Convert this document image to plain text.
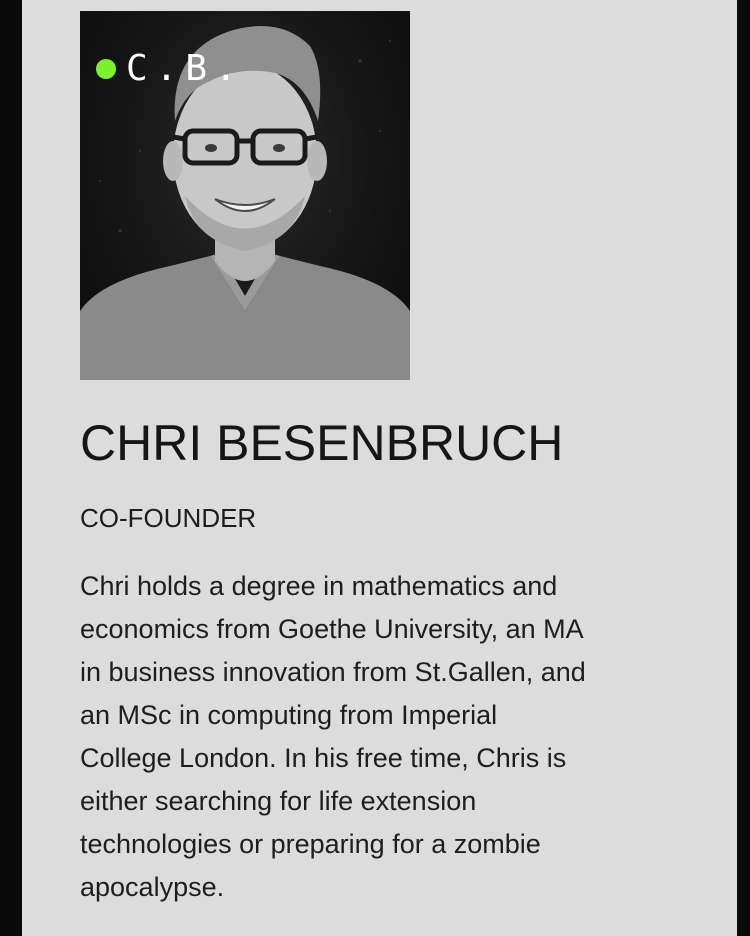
C.B.
CHRI BESENBRUCH
CO-FOUNDER
Chri holds a degree in mathematics and
economics from Goethe University, an MA
in business innovation from St.Gallen, and
an MSc in computing from Imperial
College London. In his free time, Chris is
either searching for life extension
technologies or preparing for a zombie
apocalypse.
